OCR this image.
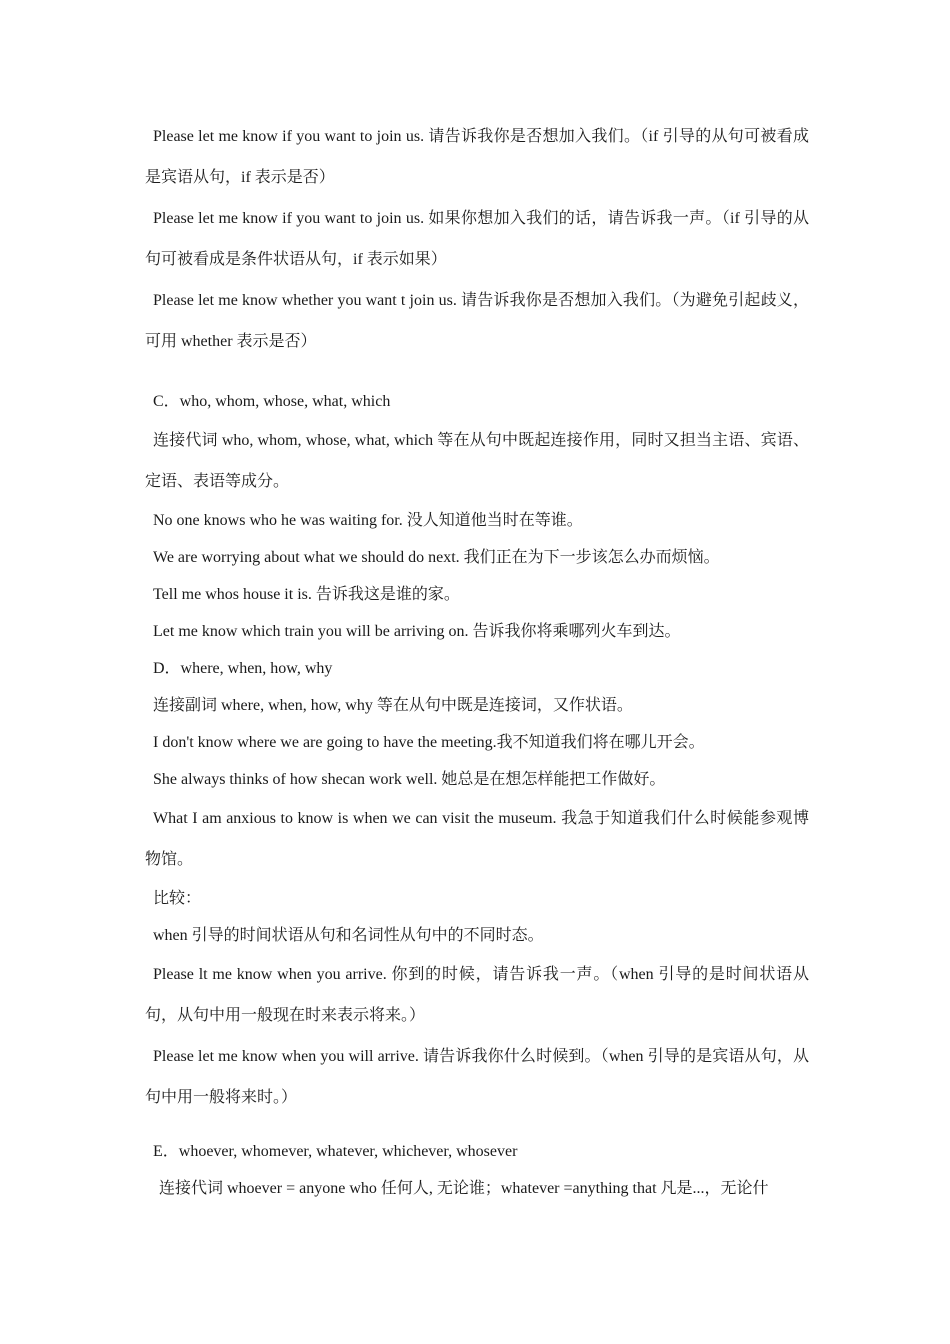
Please let me know if you want to join us. 请告诉我你是否想加入我们。（if 引导的从句可被看成是宾语从句，if 表示是否）

Please let me know if you want to join us. 如果你想加入我们的话，请告诉我一声。（if 引导的从句可被看成是条件状语从句，if 表示如果）

Please let me know whether you want t join us. 请告诉我你是否想加入我们。（为避免引起歧义，可用 whether 表示是否）

C．who, whom, whose, what, which

连接代词 who, whom, whose, what, which 等在从句中既起连接作用，同时又担当主语、宾语、定语、表语等成分。

No one knows who he was waiting for. 没人知道他当时在等谁。

We are worrying about what we should do next. 我们正在为下一步该怎么办而烦恼。

Tell me whos house it is. 告诉我这是谁的家。

Let me know which train you will be arriving on. 告诉我你将乘哪列火车到达。

D．where, when, how, why

连接副词 where, when, how, why 等在从句中既是连接词，又作状语。

I don't know where we are going to have the meeting.我不知道我们将在哪儿开会。

She always thinks of how shecan work well. 她总是在想怎样能把工作做好。

What I am anxious to know is when we can visit the museum. 我急于知道我们什么时候能参观博物馆。

比较：

when 引导的时间状语从句和名词性从句中的不同时态。

Please lt me know when you arrive. 你到的时候，请告诉我一声。（when 引导的是时间状语从句，从句中用一般现在时来表示将来。）

Please let me know when you will arrive. 请告诉我你什么时候到。（when 引导的是宾语从句，从句中用一般将来时。）

E．whoever, whomever, whatever, whichever, whosever

连接代词 whoever = anyone who 任何人, 无论谁；whatever =anything that 凡是...，无论什
